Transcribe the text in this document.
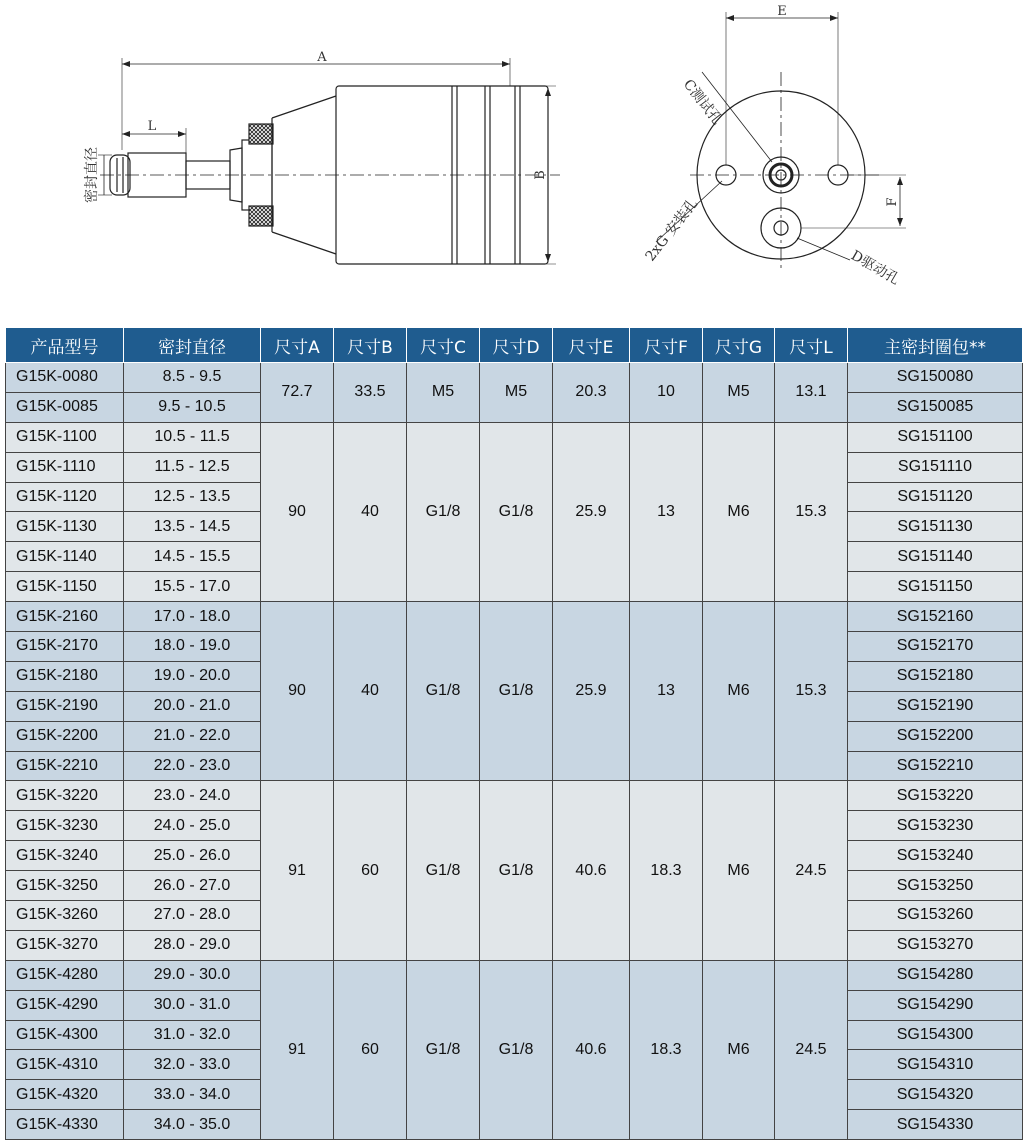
A
L
B
密封直径
E
F
C测试孔
2xG 安装孔
D驱动孔
产品型号	密封直径	尺寸A	尺寸B	尺寸C	尺寸D	尺寸E	尺寸F	尺寸G	尺寸L	主密封圈包**
G15K-0080	8.5 - 9.5	72.7	33.5	M5	M5	20.3	10	M5	13.1	SG150080
G15K-0085	9.5 - 10.5									SG150085
G15K-1100	10.5 - 11.5	90	40	G1/8	G1/8	25.9	13	M6	15.3	SG151100
G15K-1110	11.5 - 12.5									SG151110
G15K-1120	12.5 - 13.5									SG151120
G15K-1130	13.5 - 14.5									SG151130
G15K-1140	14.5 - 15.5									SG151140
G15K-1150	15.5 - 17.0									SG151150
G15K-2160	17.0 - 18.0	90	40	G1/8	G1/8	25.9	13	M6	15.3	SG152160
G15K-2170	18.0 - 19.0									SG152170
G15K-2180	19.0 - 20.0									SG152180
G15K-2190	20.0 - 21.0									SG152190
G15K-2200	21.0 - 22.0									SG152200
G15K-2210	22.0 - 23.0									SG152210
G15K-3220	23.0 - 24.0	91	60	G1/8	G1/8	40.6	18.3	M6	24.5	SG153220
G15K-3230	24.0 - 25.0									SG153230
G15K-3240	25.0 - 26.0									SG153240
G15K-3250	26.0 - 27.0									SG153250
G15K-3260	27.0 - 28.0									SG153260
G15K-3270	28.0 - 29.0									SG153270
G15K-4280	29.0 - 30.0	91	60	G1/8	G1/8	40.6	18.3	M6	24.5	SG154280
G15K-4290	30.0 - 31.0									SG154290
G15K-4300	31.0 - 32.0									SG154300
G15K-4310	32.0 - 33.0									SG154310
G15K-4320	33.0 - 34.0									SG154320
G15K-4330	34.0 - 35.0									SG154330
